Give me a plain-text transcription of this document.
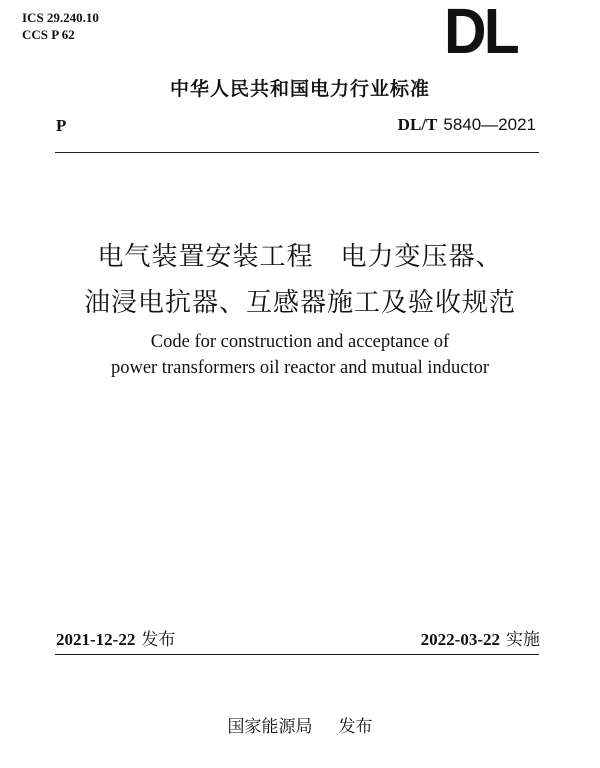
ICS 29.240.10
CCS P 62	DL
中华人民共和国电力行业标准
P	DL/T 5840—2021
电气装置安装工程　电力变压器、
油浸电抗器、互感器施工及验收规范
Code for construction and acceptance of
power transformers oil reactor and mutual inductor
2021-12-22 发布	2022-03-22 实施
国家能源局 发布
